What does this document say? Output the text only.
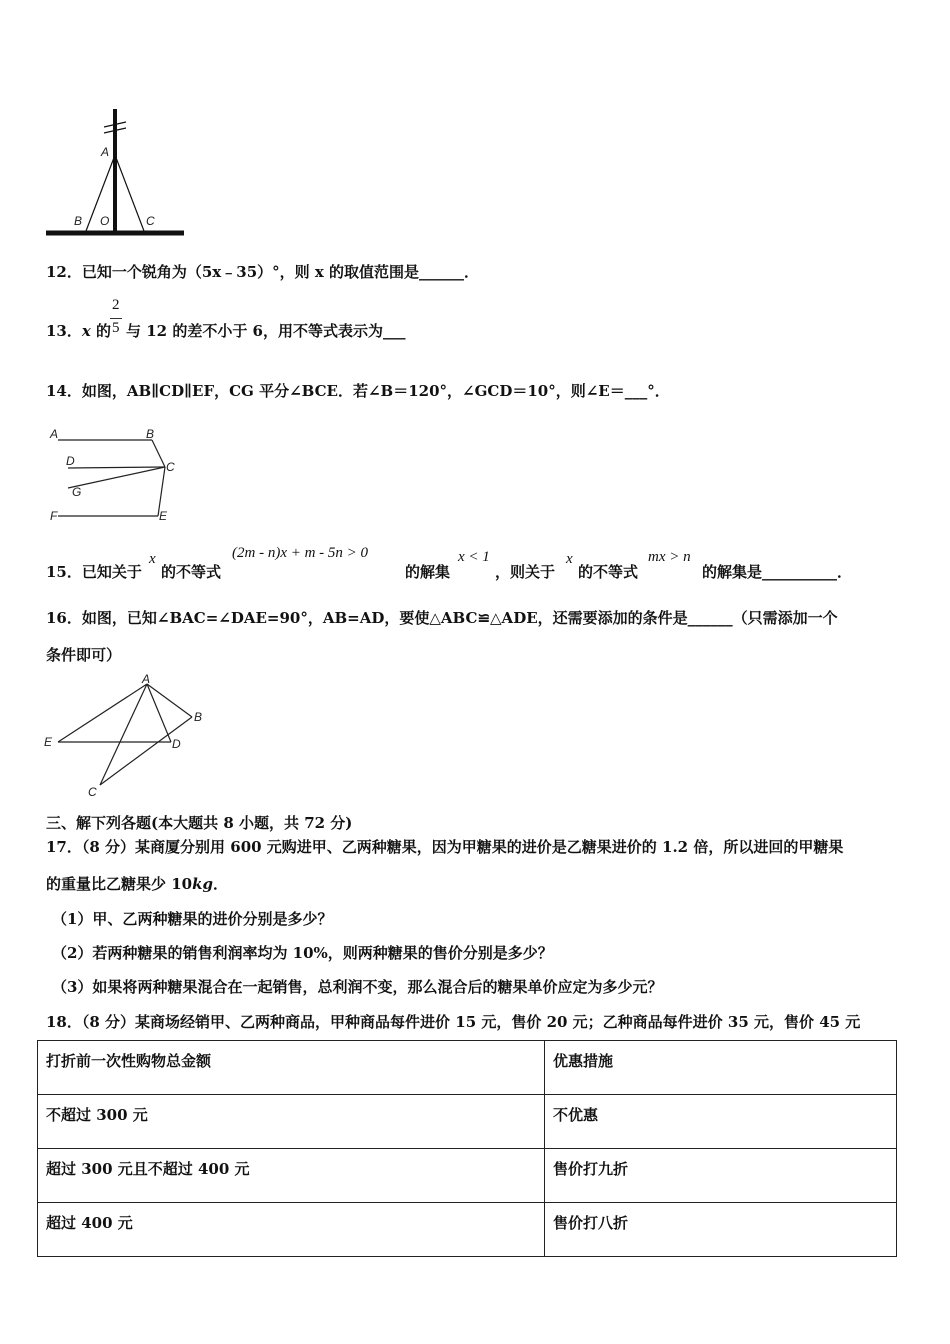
A
B O	C
12．已知一个锐角为（5x﹣35）°，则 x 的取值范围是______．
13．x 的
2
5 与 12 的差不小于 6，用不等式表示为___
14．如图，AB∥CD∥EF，CG 平分∠BCE．若∠B＝120°，∠GCD＝10°，则∠E＝___°．
A	B
D	C
G
F	E
15．已知关于
x
的不等式
(2m - n)x + m - 5n > 0
的解集
x < 1
，则关于
x
的不等式
mx > n
的解集是__________．
16．如图，已知∠BAC=∠DAE=90°，AB=AD，要使△ABC≌△ADE，还需要添加的条件是______（只需添加一个
条件即可）
A
B
E	D
C
三、解下列各题(本大题共 8 小题，共 72 分)
17．（8 分）某商厦分别用 600 元购进甲、乙两种糖果，因为甲糖果的进价是乙糖果进价的 1.2 倍，所以进回的甲糖果
的重量比乙糖果少 10kg．
（1）甲、乙两种糖果的进价分别是多少？
（2）若两种糖果的销售利润率均为 10%，则两种糖果的售价分别是多少？
（3）如果将两种糖果混合在一起销售，总利润不变，那么混合后的糖果单价应定为多少元？
18．（8 分）某商场经销甲、乙两种商品，甲种商品每件进价 15 元，售价 20 元；乙种商品每件进价 35 元，售价 45 元
打折前一次性购物总金额	优惠措施
不超过 300 元	不优惠
超过 300 元且不超过 400 元	售价打九折
超过 400 元	售价打八折
